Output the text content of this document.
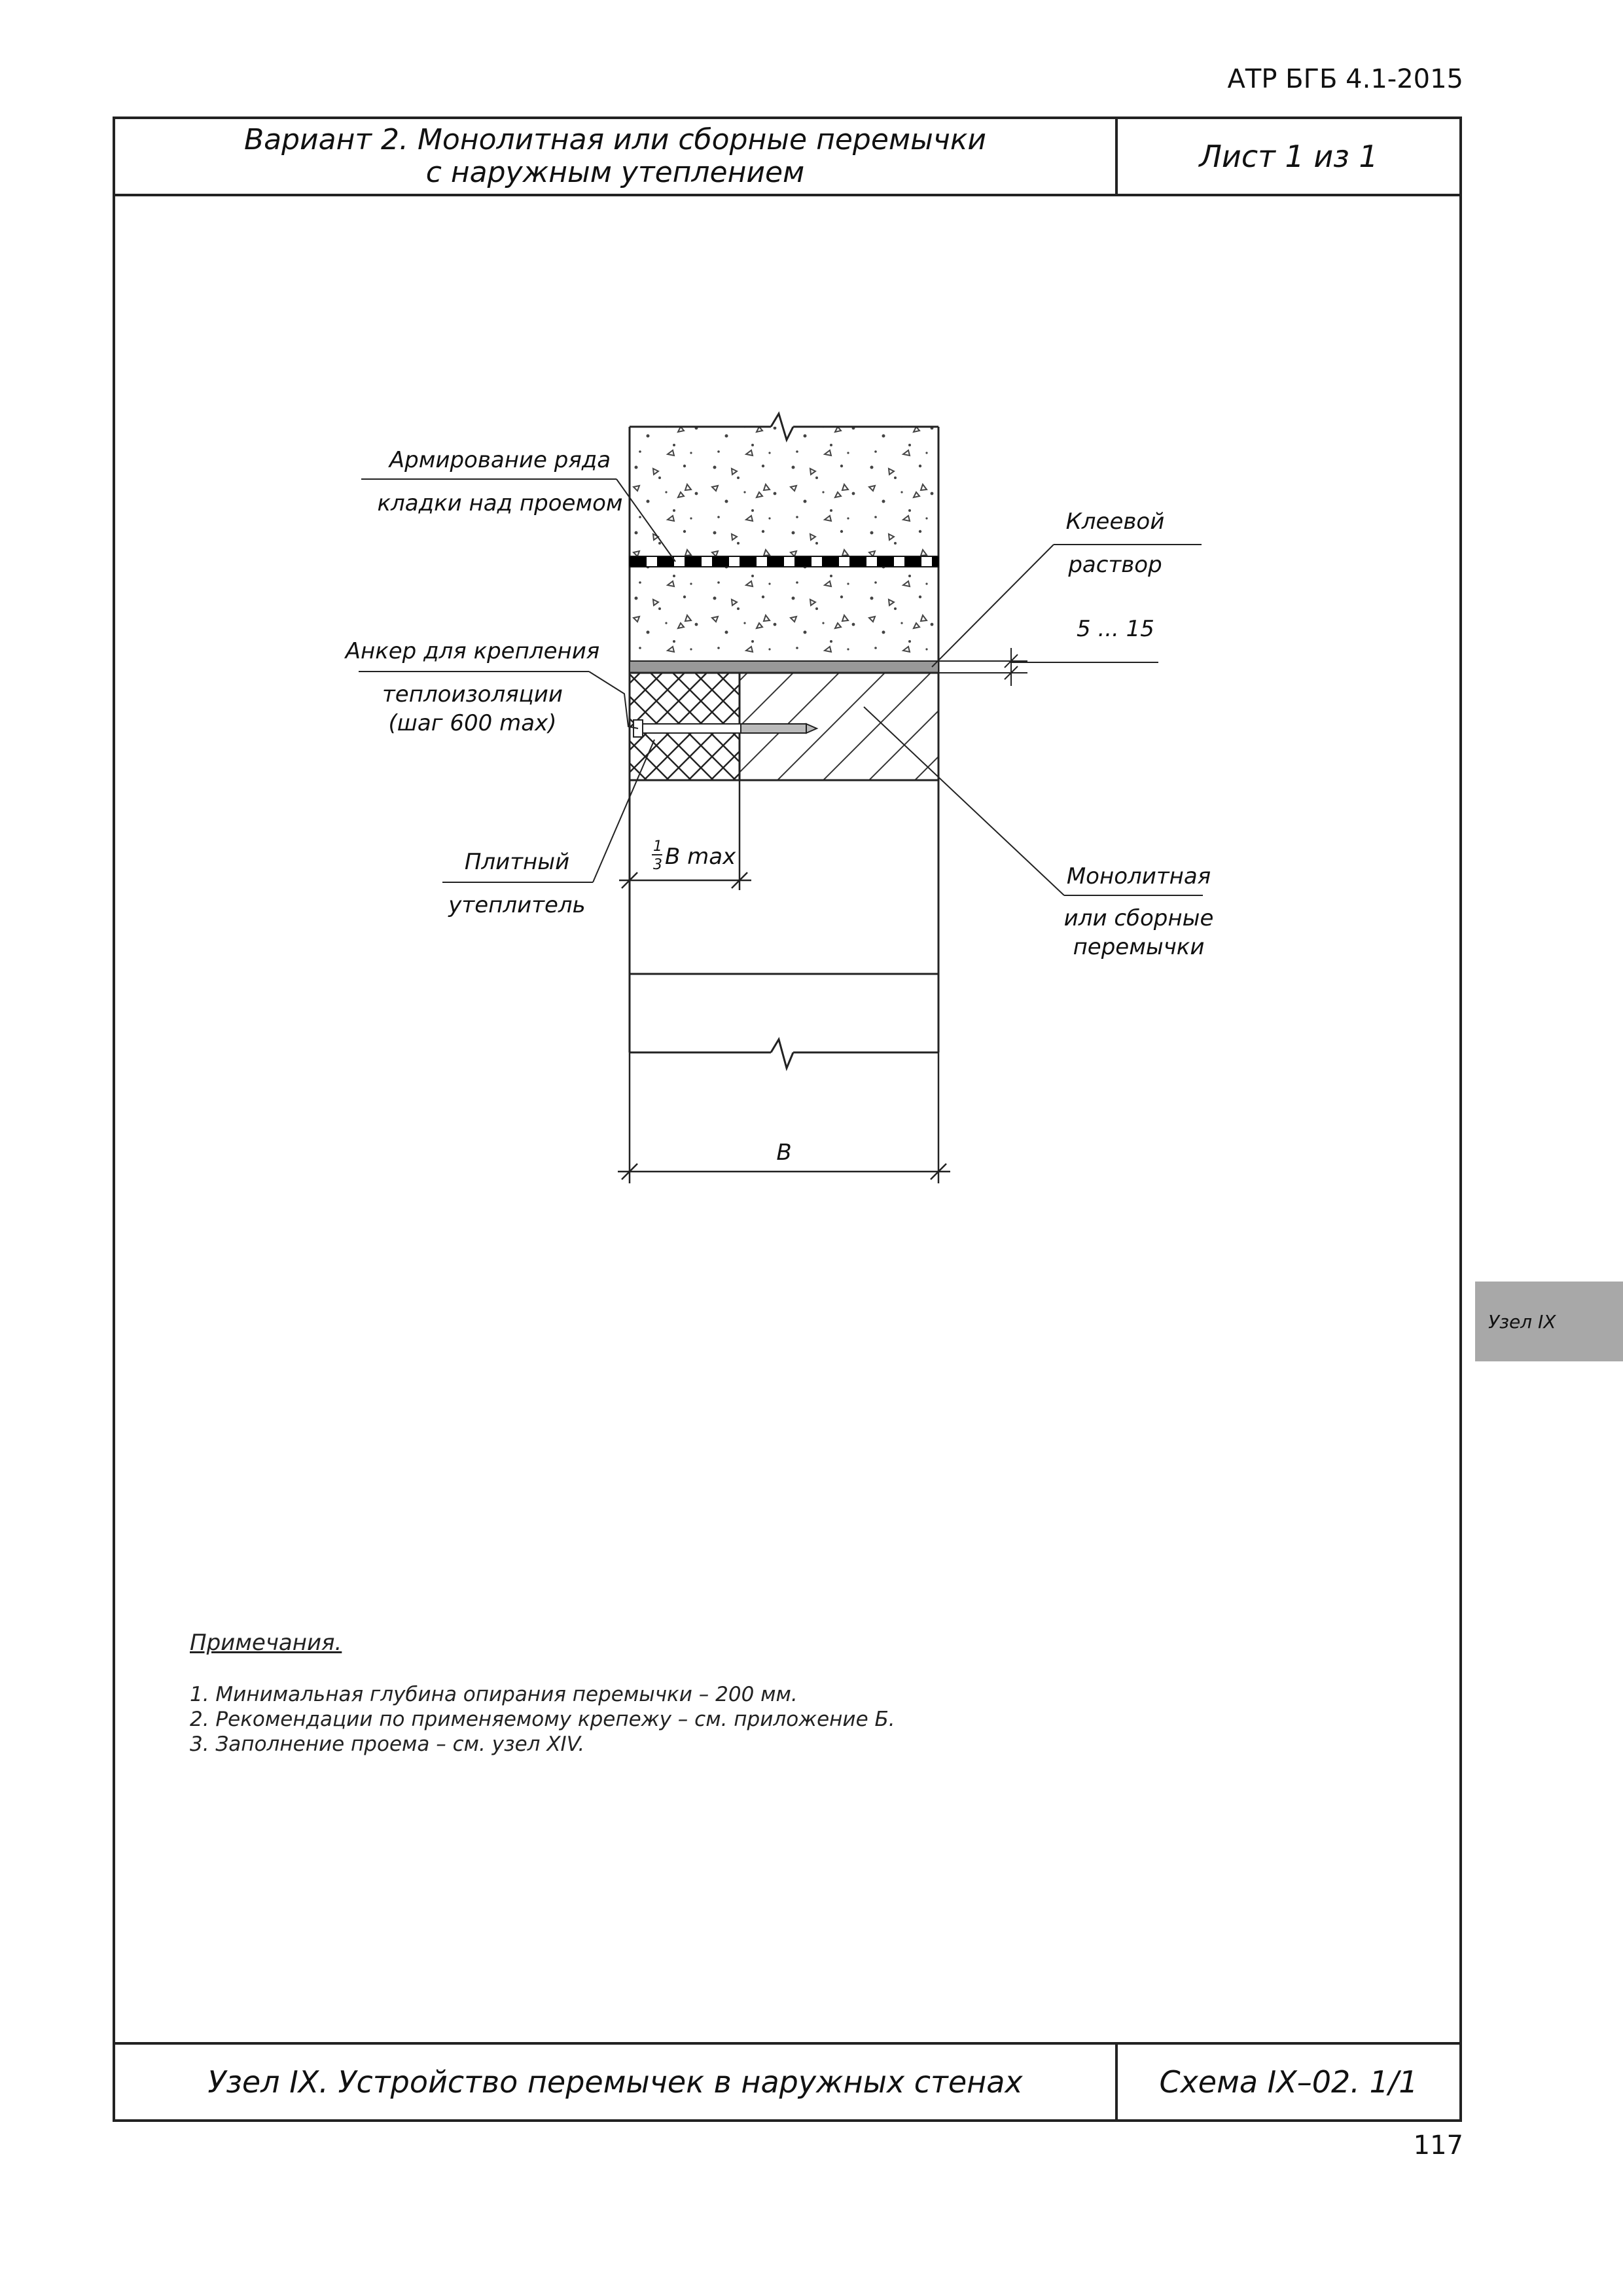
АТР БГБ 4.1-2015
Вариант 2. Монолитная или сборные перемычки
с наружным утеплением	Лист 1 из 1
Узел IX. Устройство перемычек в наружных стенах	Схема IX–02. 1/1
B
1
3 B max
5 ... 15
Армирование ряда
кладки над проемом
Клеевой
раствор
Анкер для крепления
теплоизоляции
(шаг 600 max)
Плитный
утеплитель
Монолитная
или сборные
перемычки
Примечания.
1. Минимальная глубина опирания перемычки – 200 мм.
2. Рекомендации по применяемому крепежу – см. приложение Б.
3. Заполнение проема – см. узел XIV.
Узел IX
117
